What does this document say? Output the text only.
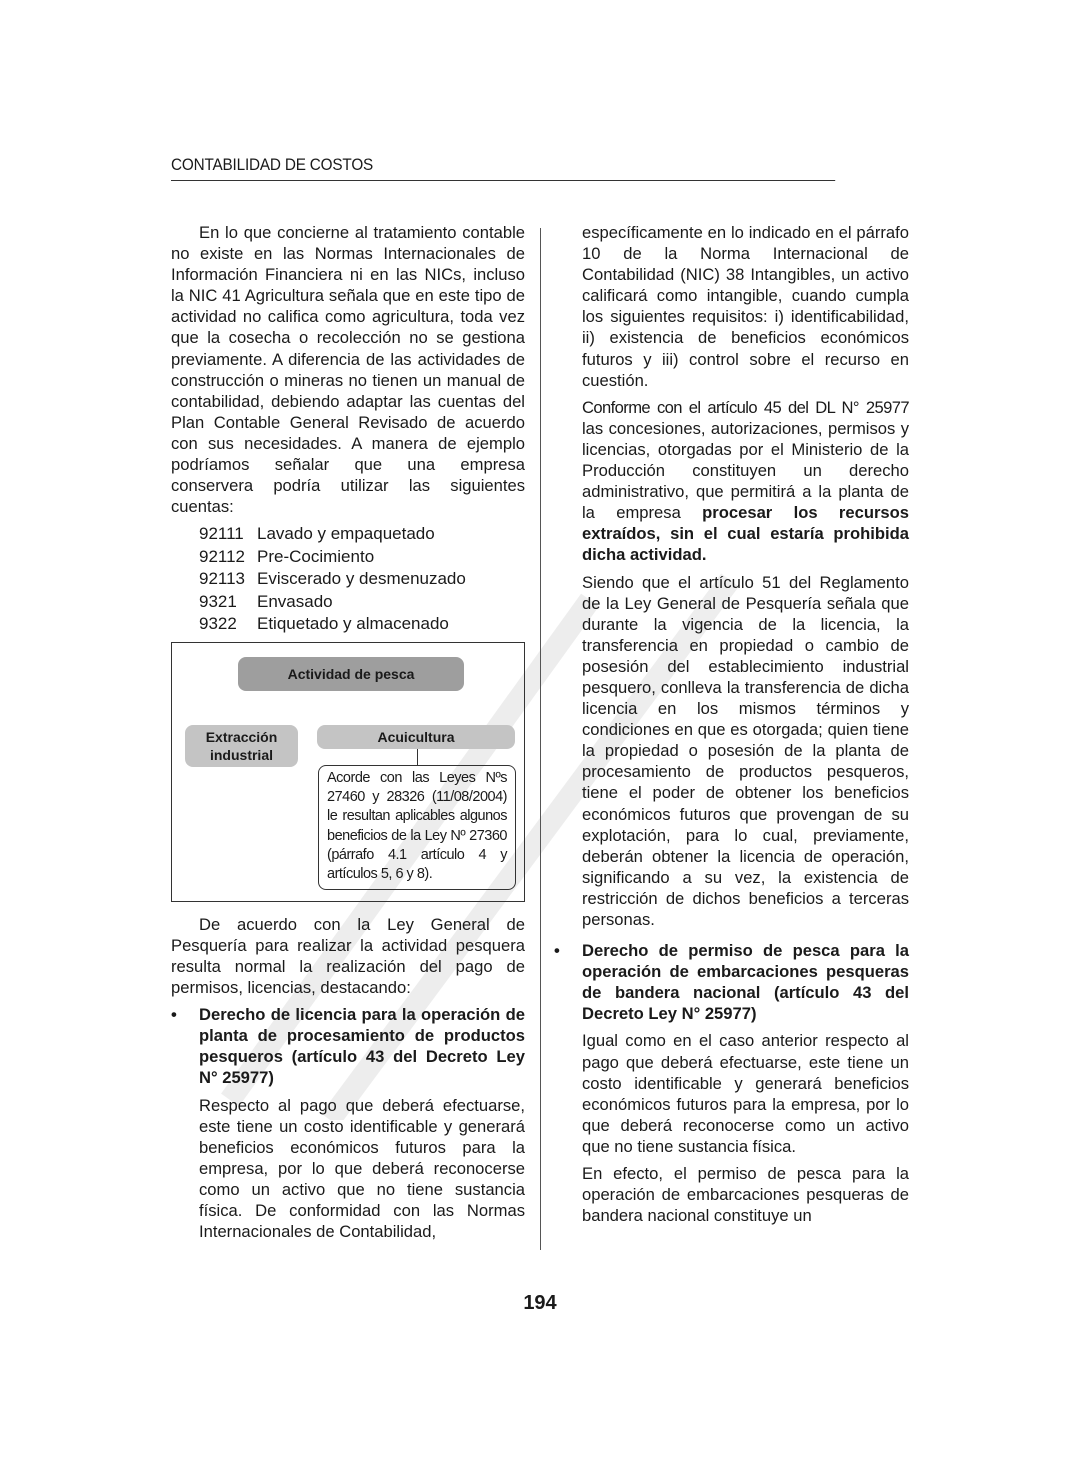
CONTABILIDAD DE COSTOS

En lo que concierne al tratamiento contable no existe en las Normas Internacionales de Información Financiera ni en las NICs, incluso la NIC 41 Agricultura señala que en este tipo de actividad no califica como agricultura, toda vez que la cosecha o recolección no se gestiona previamente. A diferencia de las actividades de construcción o mineras no tienen un manual de contabilidad, debiendo adaptar las cuentas del Plan Contable General Revisado de acuerdo con sus necesidades. A manera de ejemplo podríamos señalar que una empresa conservera podría utilizar las siguientes cuentas:

92111 Lavado y empaquetado
92112 Pre-Cocimiento
92113 Eviscerado y desmenuzado
9321	Envasado
9322	Etiquetado y almacenado
Actividad de pesca
Extracción industrial
Acuicultura
Acorde con las Leyes Nºs 27460 y 28326 (11/08/2004) le resultan aplicables algunos beneficios de la Ley Nº 27360 (párrafo 4.1 artículo 4 y artículos 5, 6 y 8).

De acuerdo con la Ley General de Pesquería para realizar la actividad pesquera resulta normal la realización del pago de permisos, licencias, destacando:

• Derecho de licencia para la operación de planta de procesamiento de productos pesqueros (artículo 43 del Decreto Ley N° 25977)

Respecto al pago que deberá efectuarse, este tiene un costo identificable y generará beneficios económicos futuros para la empresa, por lo que deberá reconocerse como un activo que no tiene sustancia física. De conformidad con las Normas Internacionales de Contabilidad,

específicamente en lo indicado en el párrafo 10 de la Norma Internacional de Contabilidad (NIC) 38 Intangibles, un activo calificará como intangible, cuando cumpla los siguientes requisitos: i) identificabilidad, ii) existencia de beneficios económicos futuros y iii) control sobre el recurso en cuestión.

Conforme con el artículo 45 del DL N° 25977 las concesiones, autorizaciones, permisos y licencias, otorgadas por el Ministerio de la Producción constituyen un derecho administrativo, que permitirá a la planta de la empresa procesar los recursos extraídos, sin el cual estaría prohibida dicha actividad.

Siendo que el artículo 51 del Reglamento de la Ley General de Pesquería señala que durante la vigencia de la licencia, la transferencia en propiedad o cambio de posesión del establecimiento industrial pesquero, conlleva la transferencia de dicha licencia en los mismos términos y condiciones en que es otorgada; quien tiene la propiedad o posesión de la planta de procesamiento de productos pesqueros, tiene el poder de obtener los beneficios económicos futuros que provengan de su explotación, para lo cual, previamente, deberán obtener la licencia de operación, significando a su vez, la existencia de restricción de dichos beneficios a terceras personas.

• Derecho de permiso de pesca para la operación de embarcaciones pesqueras de bandera nacional (artículo 43 del Decreto Ley N° 25977)

Igual como en el caso anterior respecto al pago que deberá efectuarse, este tiene un costo identificable y generará beneficios económicos futuros para la empresa, por lo que deberá reconocerse como un activo que no tiene sustancia física.

En efecto, el permiso de pesca para la operación de embarcaciones pesqueras de bandera nacional constituye un

194
